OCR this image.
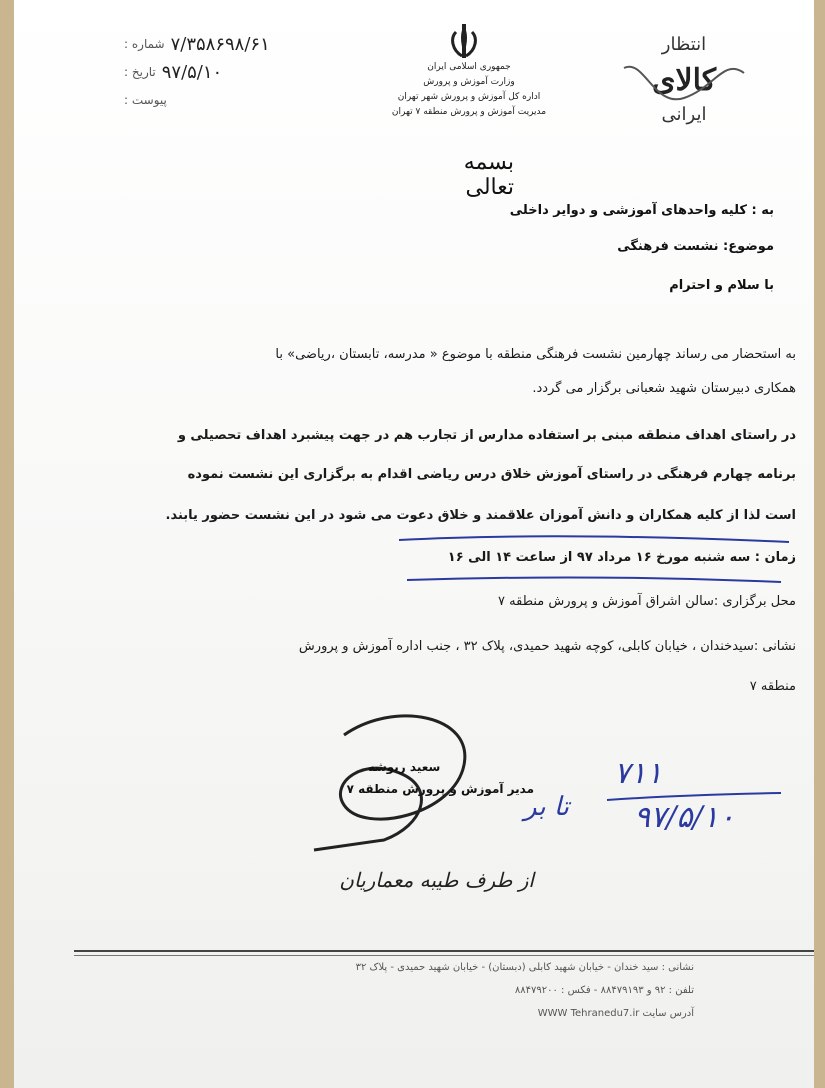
شماره : ۷/۳۵۸۶۹۸/۶۱
تاریخ : ۹۷/۵/۱۰
پیوست :
جمهوری اسلامی ایران
وزارت آموزش و پرورش
اداره کل آموزش و پرورش شهر تهران
مدیریت آموزش و پرورش منطقه ۷ تهران
انتظار
کالای
ایرانی
بسمه تعالی
به : کلیه واحدهای آموزشی و دوایر داخلی
موضوع: نشست فرهنگی
با سلام و احترام
به استحضار می رساند چهارمین نشست فرهنگی منطقه با موضوع « مدرسه، تابستان ،ریاضی» با
همکاری دبیرستان شهید شعبانی برگزار می گردد.
در راستای اهداف منطقه مبنی بر استفاده مدارس از تجارب هم در جهت پیشبرد اهداف تحصیلی و
برنامه چهارم فرهنگی در راستای آموزش خلاق درس ریاضی اقدام به برگزاری این نشست نموده
است لذا از کلیه همکاران و دانش آموزان علاقمند و خلاق دعوت می شود در این نشست حضور یابند.
زمان : سه شنبه مورخ ۱۶ مرداد ۹۷ از ساعت ۱۴ الی ۱۶
محل برگزاری :سالن اشراق آموزش و پرورش منطقه ۷
نشانی :سیدخندان ، خیابان کابلی، کوچه شهید حمیدی، پلاک ۳۲ ، جنب اداره آموزش و پرورش
منطقه ۷
سعید ربوشه
مدیر آموزش و پرورش منطقه ۷
تا بر
۷۱۱
۹۷/۵/۱۰
از طرف طیبه معماریان
نشانی : سید خندان - خیابان شهید کابلی (دبستان) - خیابان شهید حمیدی - پلاک ۳۲
تلفن : ۹۲ و ۸۸۴۷۹۱۹۳ - فکس : ۸۸۴۷۹۲۰۰
WWW Tehranedu7.ir آدرس سایت
